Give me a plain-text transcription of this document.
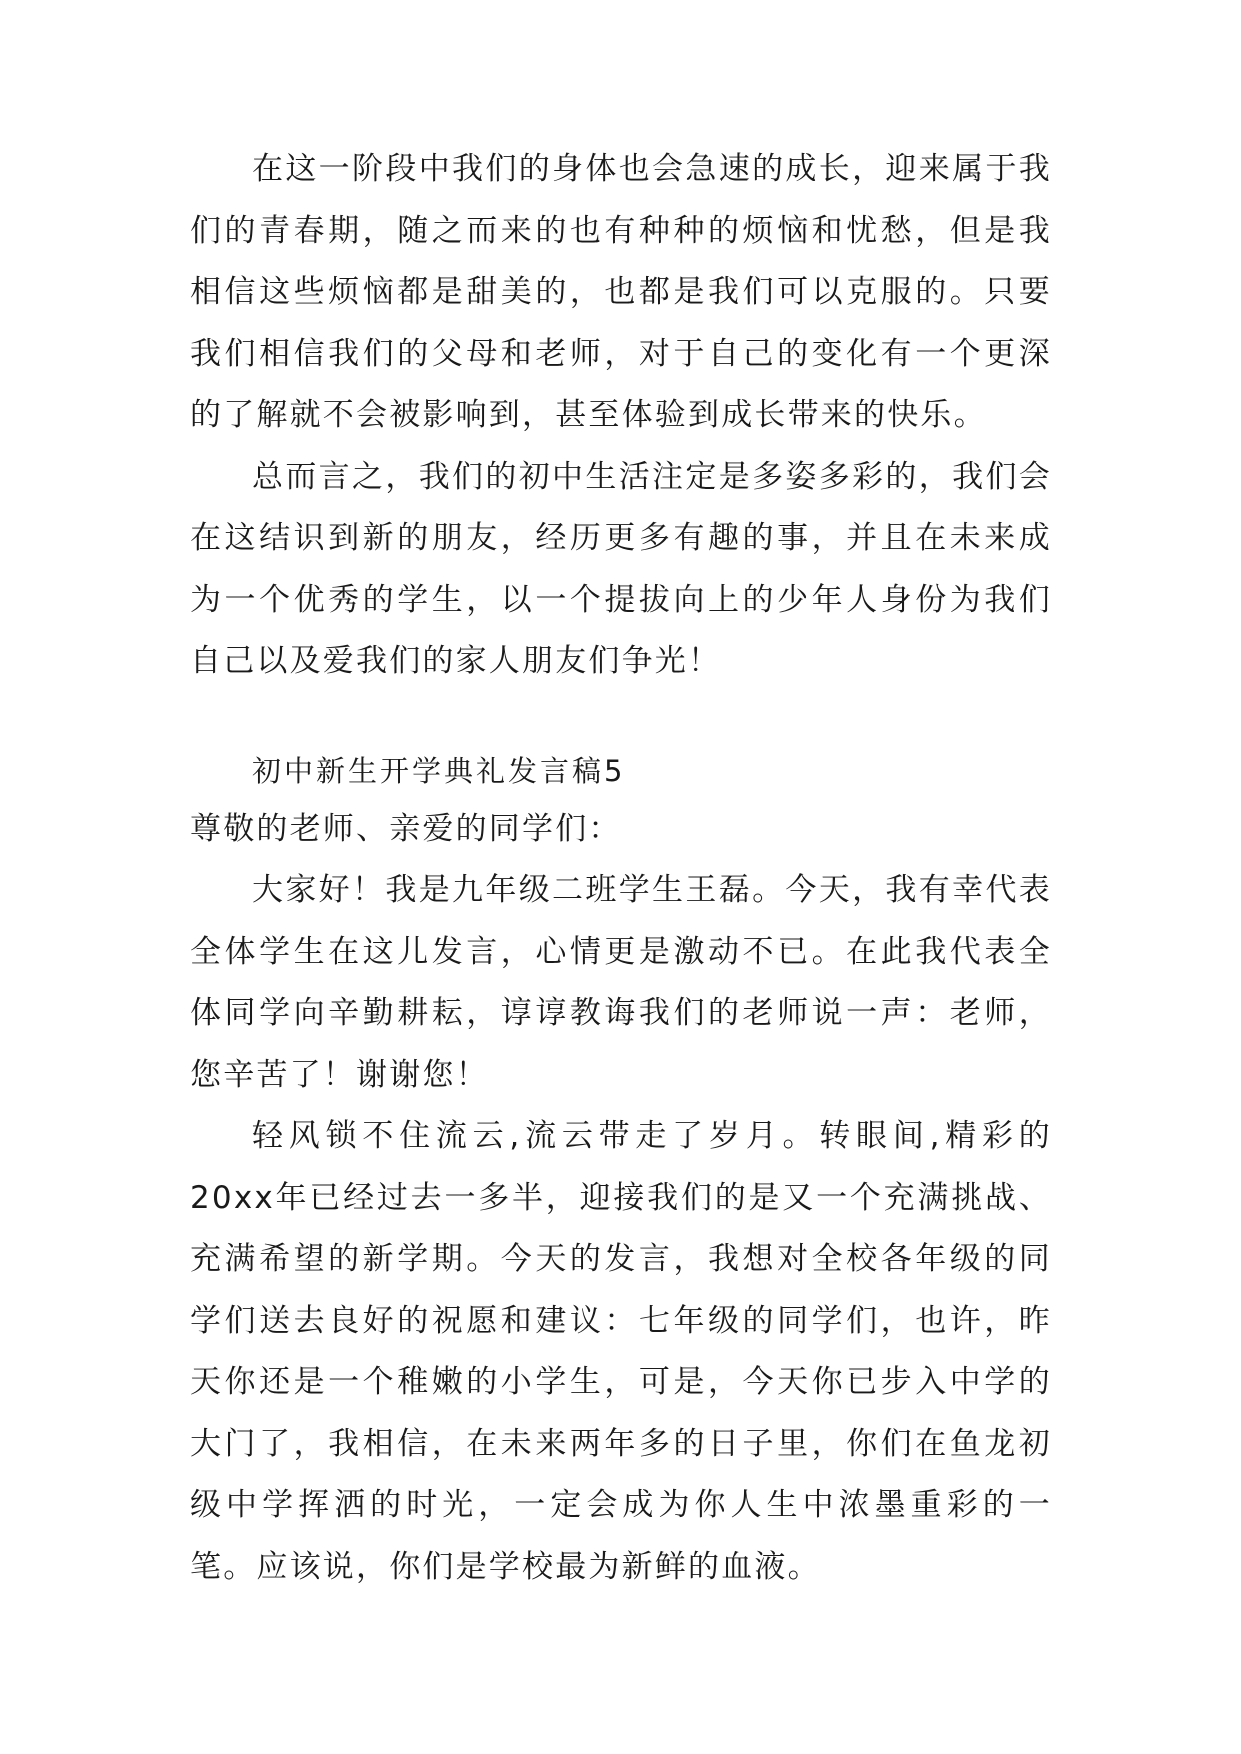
在这一阶段中我们的身体也会急速的成长，迎来属于我们的青春期，随之而来的也有种种的烦恼和忧愁，但是我相信这些烦恼都是甜美的，也都是我们可以克服的。只要我们相信我们的父母和老师，对于自己的变化有一个更深的了解就不会被影响到，甚至体验到成长带来的快乐。

总而言之，我们的初中生活注定是多姿多彩的，我们会在这结识到新的朋友，经历更多有趣的事，并且在未来成为一个优秀的学生，以一个提拔向上的少年人身份为我们自己以及爱我们的家人朋友们争光！

初中新生开学典礼发言稿5

尊敬的老师、亲爱的同学们：

大家好！我是九年级二班学生王磊。今天，我有幸代表全体学生在这儿发言，心情更是激动不已。在此我代表全体同学向辛勤耕耘，谆谆教诲我们的老师说一声：老师，您辛苦了！谢谢您！

轻风锁不住流云,流云带走了岁月。转眼间,精彩的20xx年已经过去一多半，迎接我们的是又一个充满挑战、充满希望的新学期。今天的发言，我想对全校各年级的同学们送去良好的祝愿和建议：七年级的同学们，也许，昨天你还是一个稚嫩的小学生，可是，今天你已步入中学的大门了，我相信，在未来两年多的日子里，你们在鱼龙初级中学挥洒的时光，一定会成为你人生中浓墨重彩的一笔。应该说，你们是学校最为新鲜的血液。
